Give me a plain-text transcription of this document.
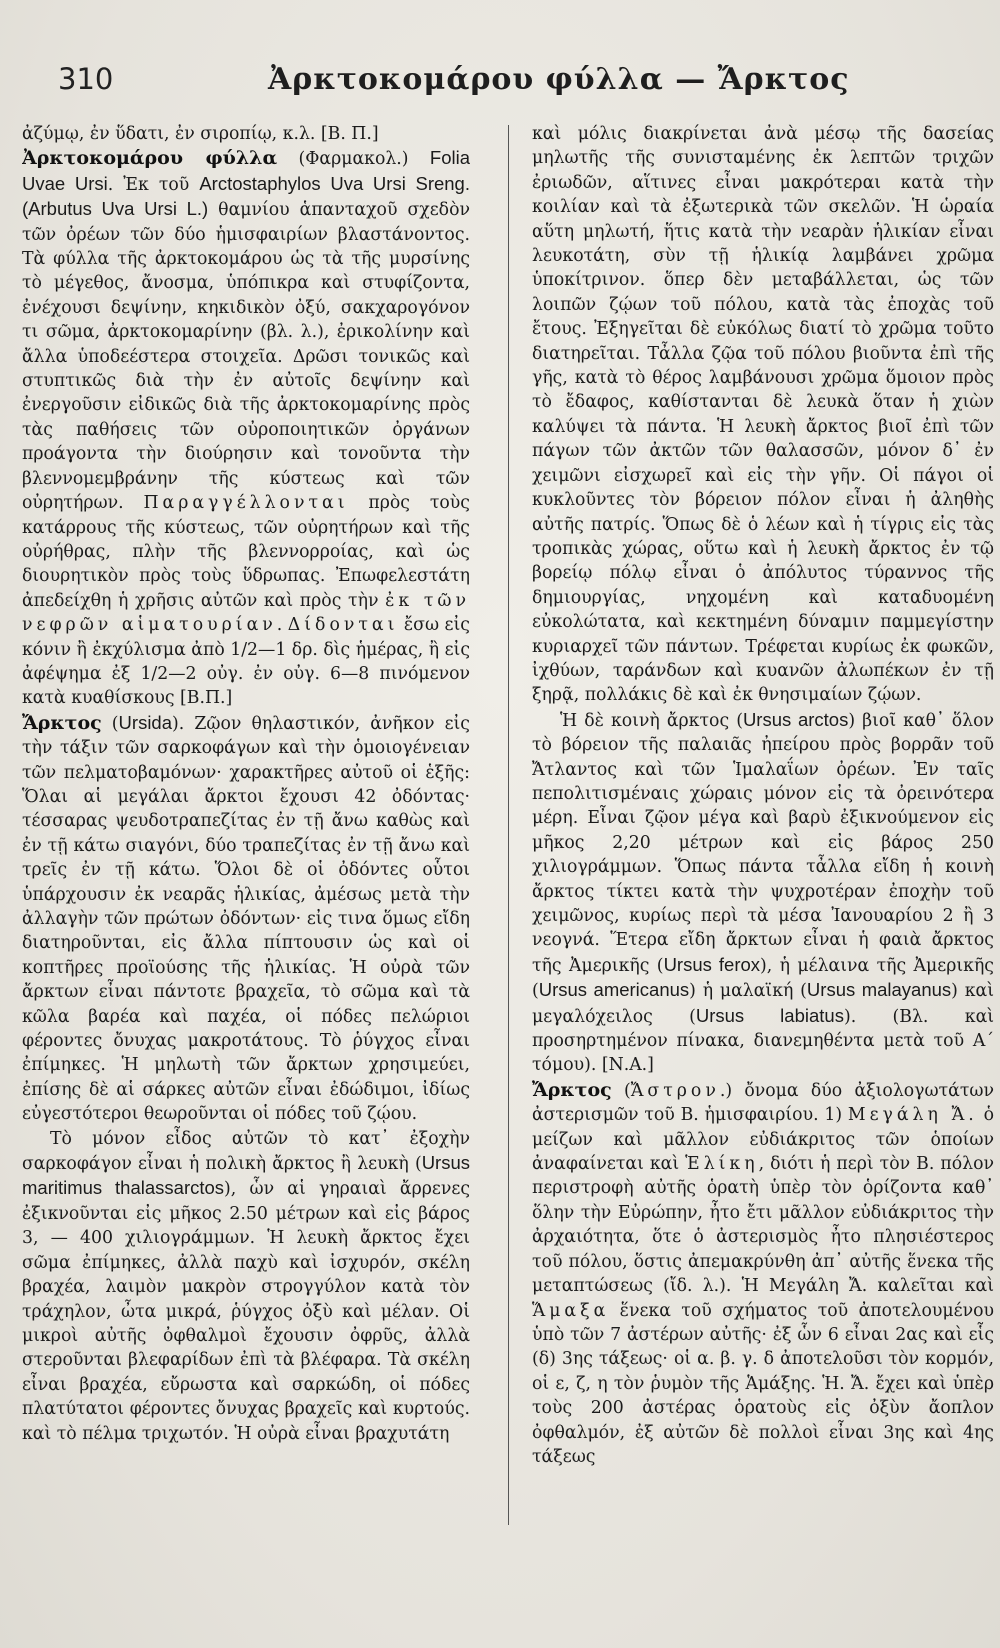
310	Ἀρκτοκομάρου φύλλα — Ἄρκτος

ἀζύμῳ, ἐν ὕδατι, ἐν σιροπίῳ, κ.λ. [Β. Π.]

Ἀρκτοκομάρου φύλλα (Φαρμακολ.) Folia Uvae Ursi. Ἐκ τοῦ Arctostaphylos Uva Ursi Sreng. (Arbutus Uva Ursi L.) θαμνίου ἁπανταχοῦ σχεδὸν τῶν ὀρέων τῶν δύο ἡμισφαιρίων βλαστάνοντος. Τὰ φύλλα τῆς ἀρκτοκομάρου ὡς τὰ τῆς μυρσίνης τὸ μέγεθος, ἄνοσμα, ὑπόπικρα καὶ στυφίζοντα, ἐνέχουσι δεψίνην, κηκιδικὸν ὀξύ, σακχαρογόνον τι σῶμα, ἀρκτοκομαρίνην (βλ. λ.), ἐρικολίνην καὶ ἄλλα ὑποδεέστερα στοιχεῖα. Δρῶσι τονικῶς καὶ στυπτικῶς διὰ τὴν ἐν αὐτοῖς δεψίνην καὶ ἐνεργοῦσιν εἰδικῶς διὰ τῆς ἀρκτοκομαρίνης πρὸς τὰς παθήσεις τῶν οὐροποιητικῶν ὀργάνων προάγοντα τὴν διούρησιν καὶ τονοῦντα τὴν βλεννομεμβράνην τῆς κύστεως καὶ τῶν οὐρητήρων. Παραγγέλλονται πρὸς τοὺς κατάρρους τῆς κύστεως, τῶν οὐρητήρων καὶ τῆς οὐρήθρας, πλὴν τῆς βλεννορροίας, καὶ ὡς διουρητικὸν πρὸς τοὺς ὕδρωπας. Ἐπωφελεστάτη ἀπεδείχθη ἡ χρῆσις αὐτῶν καὶ πρὸς τὴν ἐκ τῶν νεφρῶν αἱματουρίαν. Δίδονται ἔσω εἰς κόνιν ἢ ἐκχύλισμα ἀπὸ 1/2—1 δρ. δὶς ἡμέρας, ἢ εἰς ἀφέψημα ἐξ 1/2—2 οὐγ. ἐν οὐγ. 6—8 πινόμενον κατὰ κυαθίσκους [Β.Π.]

Ἄρκτος (Ursida). Ζῷον θηλαστικόν, ἀνῆκον εἰς τὴν τάξιν τῶν σαρκοφάγων καὶ τὴν ὁμοιογένειαν τῶν πελματοβαμόνων· χαρακτῆρες αὐτοῦ οἱ ἑξῆς: Ὅλαι αἱ μεγάλαι ἄρκτοι ἔχουσι 42 ὀδόντας· τέσσαρας ψευδοτραπεζίτας ἐν τῇ ἄνω καθὼς καὶ ἐν τῇ κάτω σιαγόνι, δύο τραπεζίτας ἐν τῇ ἄνω καὶ τρεῖς ἐν τῇ κάτω. Ὅλοι δὲ οἱ ὀδόντες οὗτοι ὑπάρχουσιν ἐκ νεαρᾶς ἡλικίας, ἀμέσως μετὰ τὴν ἀλλαγὴν τῶν πρώτων ὀδόντων· εἰς τινα ὅμως εἴδη διατηροῦνται, εἰς ἄλλα πίπτουσιν ὡς καὶ οἱ κοπτῆρες προϊούσης τῆς ἡλικίας. Ἡ οὐρὰ τῶν ἄρκτων εἶναι πάντοτε βραχεῖα, τὸ σῶμα καὶ τὰ κῶλα βαρέα καὶ παχέα, οἱ πόδες πελώριοι φέροντες ὄνυχας μακροτάτους. Τὸ ῥύγχος εἶναι ἐπίμηκες. Ἡ μηλωτὴ τῶν ἄρκτων χρησιμεύει, ἐπίσης δὲ αἱ σάρκες αὐτῶν εἶναι ἐδώδιμοι, ἰδίως εὐγεστότεροι θεωροῦνται οἱ πόδες τοῦ ζῴου.

Τὸ μόνον εἶδος αὐτῶν τὸ κατ᾿ ἐξοχὴν σαρκοφάγον εἶναι ἡ πολικὴ ἄρκτος ἢ λευκὴ (Ursus maritimus thalassarctos), ὧν αἱ γηραιαὶ ἄρρενες ἐξικνοῦνται εἰς μῆκος 2.50 μέτρων καὶ εἰς βάρος 3, — 400 χιλιογράμμων. Ἡ λευκὴ ἄρκτος ἔχει σῶμα ἐπίμηκες, ἀλλὰ παχὺ καὶ ἰσχυρόν, σκέλη βραχέα, λαιμὸν μακρὸν στρογγύλον κατὰ τὸν τράχηλον, ὦτα μικρά, ῥύγχος ὀξὺ καὶ μέλαν. Οἱ μικροὶ αὐτῆς ὀφθαλμοὶ ἔχουσιν ὀφρῦς, ἀλλὰ στεροῦνται βλεφαρίδων ἐπὶ τὰ βλέφαρα. Τὰ σκέλη εἶναι βραχέα, εὔρωστα καὶ σαρκώδη, οἱ πόδες πλατύτατοι φέροντες ὄνυχας βραχεῖς καὶ κυρτούς. καὶ τὸ πέλμα τριχωτόν. Ἡ οὐρὰ εἶναι βραχυτάτη

καὶ μόλις διακρίνεται ἀνὰ μέσῳ τῆς δασείας μηλωτῆς τῆς συνισταμένης ἐκ λεπτῶν τριχῶν ἐριωδῶν, αἵτινες εἶναι μακρότεραι κατὰ τὴν κοιλίαν καὶ τὰ ἐξωτερικὰ τῶν σκελῶν. Ἡ ὡραία αὕτη μηλωτή, ἥτις κατὰ τὴν νεαρὰν ἡλικίαν εἶναι λευκοτάτη, σὺν τῇ ἡλικίᾳ λαμβάνει χρῶμα ὑποκίτρινον. ὅπερ δὲν μεταβάλλεται, ὡς τῶν λοιπῶν ζῴων τοῦ πόλου, κατὰ τὰς ἐποχὰς τοῦ ἔτους. Ἐξηγεῖται δὲ εὐκόλως διατί τὸ χρῶμα τοῦτο διατηρεῖται. Τἆλλα ζῷα τοῦ πόλου βιοῦντα ἐπὶ τῆς γῆς, κατὰ τὸ θέρος λαμβάνουσι χρῶμα ὅμοιον πρὸς τὸ ἔδαφος, καθίστανται δὲ λευκὰ ὅταν ἡ χιὼν καλύψει τὰ πάντα. Ἡ λευκὴ ἄρκτος βιοῖ ἐπὶ τῶν πάγων τῶν ἀκτῶν τῶν θαλασσῶν, μόνον δ᾿ ἐν χειμῶνι εἰσχωρεῖ καὶ εἰς τὴν γῆν. Οἱ πάγοι οἱ κυκλοῦντες τὸν βόρειον πόλον εἶναι ἡ ἀληθὴς αὐτῆς πατρίς. Ὅπως δὲ ὁ λέων καὶ ἡ τίγρις εἰς τὰς τροπικὰς χώρας, οὕτω καὶ ἡ λευκὴ ἄρκτος ἐν τῷ βορείῳ πόλῳ εἶναι ὁ ἀπόλυτος τύραννος τῆς δημιουργίας, νηχομένη καὶ καταδυομένη εὐκολώτατα, καὶ κεκτημένη δύναμιν παμμεγίστην κυριαρχεῖ τῶν πάντων. Τρέφεται κυρίως ἐκ φωκῶν, ἰχθύων, ταράνδων καὶ κυανῶν ἀλωπέκων ἐν τῇ ξηρᾷ, πολλάκις δὲ καὶ ἐκ θνησιμαίων ζῴων.

Ἡ δὲ κοινὴ ἄρκτος (Ursus arctos) βιοῖ καθ᾿ ὅλον τὸ βόρειον τῆς παλαιᾶς ἠπείρου πρὸς βορρᾶν τοῦ Ἄτλαντος καὶ τῶν Ἱμαλαΐων ὀρέων. Ἐν ταῖς πεπολιτισμέναις χώραις μόνον εἰς τὰ ὀρεινότερα μέρη. Εἶναι ζῷον μέγα καὶ βαρὺ ἐξικνούμενον εἰς μῆκος 2,20 μέτρων καὶ εἰς βάρος 250 χιλιογράμμων. Ὅπως πάντα τἆλλα εἴδη ἡ κοινὴ ἄρκτος τίκτει κατὰ τὴν ψυχροτέραν ἐποχὴν τοῦ χειμῶνος, κυρίως περὶ τὰ μέσα Ἰανουαρίου 2 ἢ 3 νεογνά. Ἕτερα εἴδη ἄρκτων εἶναι ἡ φαιὰ ἄρκτος τῆς Ἀμερικῆς (Ursus ferox), ἡ μέλαινα τῆς Ἀμερικῆς (Ursus americanus) ἡ μαλαϊκή (Ursus malayanus) καὶ μεγαλόχειλος (Ursus labiatus). (Βλ. καὶ προσηρτημένον πίνακα, διανεμηθέντα μετὰ τοῦ Α΄ τόμου). [Ν.Α.]

Ἄρκτος (Ἄστρον.) ὄνομα δύο ἀξιολογωτάτων ἀστερισμῶν τοῦ Β. ἡμισφαιρίου. 1) Μεγάλη Ἄ. ὁ μείζων καὶ μᾶλλον εὐδιάκριτος τῶν ὁποίων ἀναφαίνεται καὶ Ἑλίκη, διότι ἡ περὶ τὸν Β. πόλον περιστροφὴ αὐτῆς ὁρατὴ ὑπὲρ τὸν ὁρίζοντα καθ᾿ ὅλην τὴν Εὐρώπην, ἦτο ἔτι μᾶλλον εὐδιάκριτος τὴν ἀρχαιότητα, ὅτε ὁ ἀστερισμὸς ἦτο πλησιέστερος τοῦ πόλου, ὅστις ἀπεμακρύνθη ἀπ᾿ αὐτῆς ἕνεκα τῆς μεταπτώσεως (ἴδ. λ.). Ἡ Μεγάλη Ἄ. καλεῖται καὶ Ἅμαξα ἕνεκα τοῦ σχήματος τοῦ ἀποτελουμένου ὑπὸ τῶν 7 ἀστέρων αὐτῆς· ἐξ ὧν 6 εἶναι 2ας καὶ εἷς (δ) 3ης τάξεως· οἱ α. β. γ. δ ἀποτελοῦσι τὸν κορμόν, οἱ ε, ζ, η τὸν ῥυμὸν τῆς Ἁμάξης. Ἡ. Ἄ. ἔχει καὶ ὑπὲρ τοὺς 200 ἀστέρας ὁρατοὺς εἰς ὀξὺν ἄοπλον ὀφθαλμόν, ἐξ αὐτῶν δὲ πολλοὶ εἶναι 3ης καὶ 4ης τάξεως
